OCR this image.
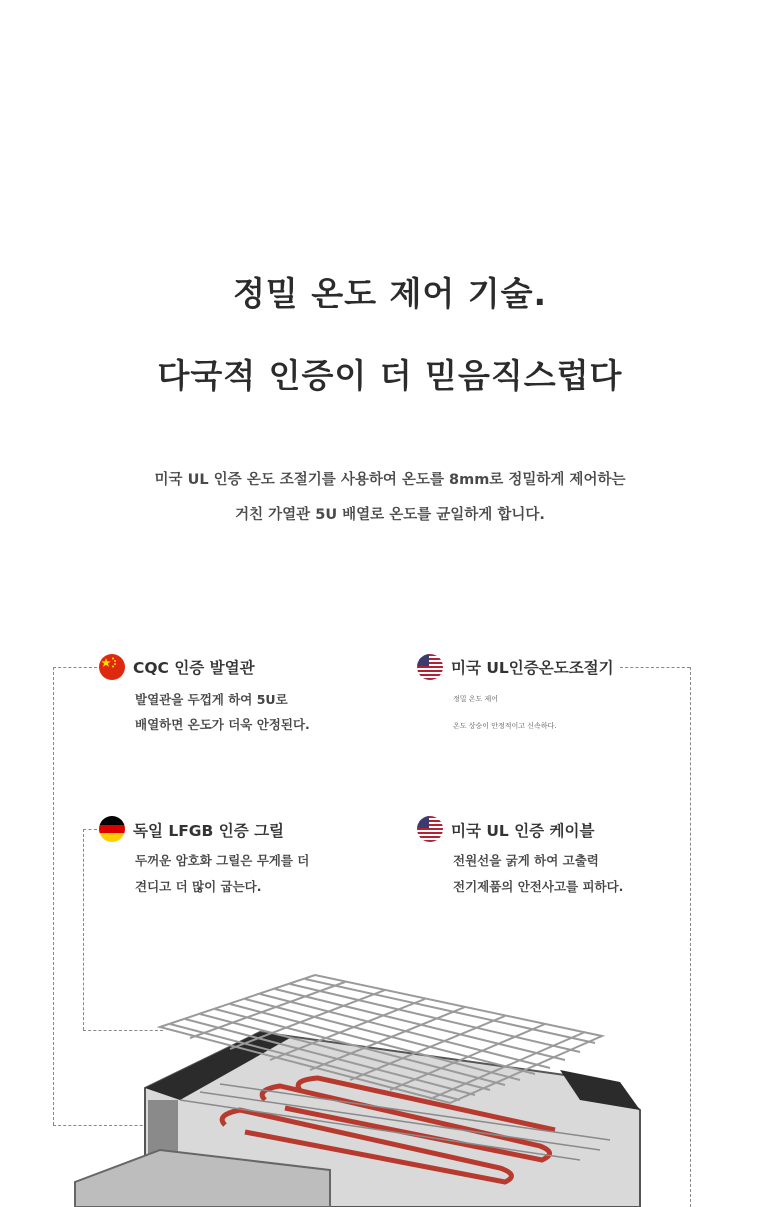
정밀 온도 제어 기술.
다국적 인증이 더 믿음직스럽다
미국 UL 인증 온도 조절기를 사용하여 온도를 8mm로 정밀하게 제어하는
거친 가열관 5U 배열로 온도를 균일하게 합니다.
CQC 인증 발열관
발열관을 두껍게 하여 5U로
배열하면 온도가 더욱 안정된다.
미국 UL인증온도조절기
정밀 온도 제어
온도 상승이 안정적이고 신속하다.
독일 LFGB 인증 그릴
두꺼운 암호화 그릴은 무게를 더
견디고 더 많이 굽는다.
미국 UL 인증 케이블
전원선을 굵게 하여 고출력
전기제품의 안전사고를 피하다.
